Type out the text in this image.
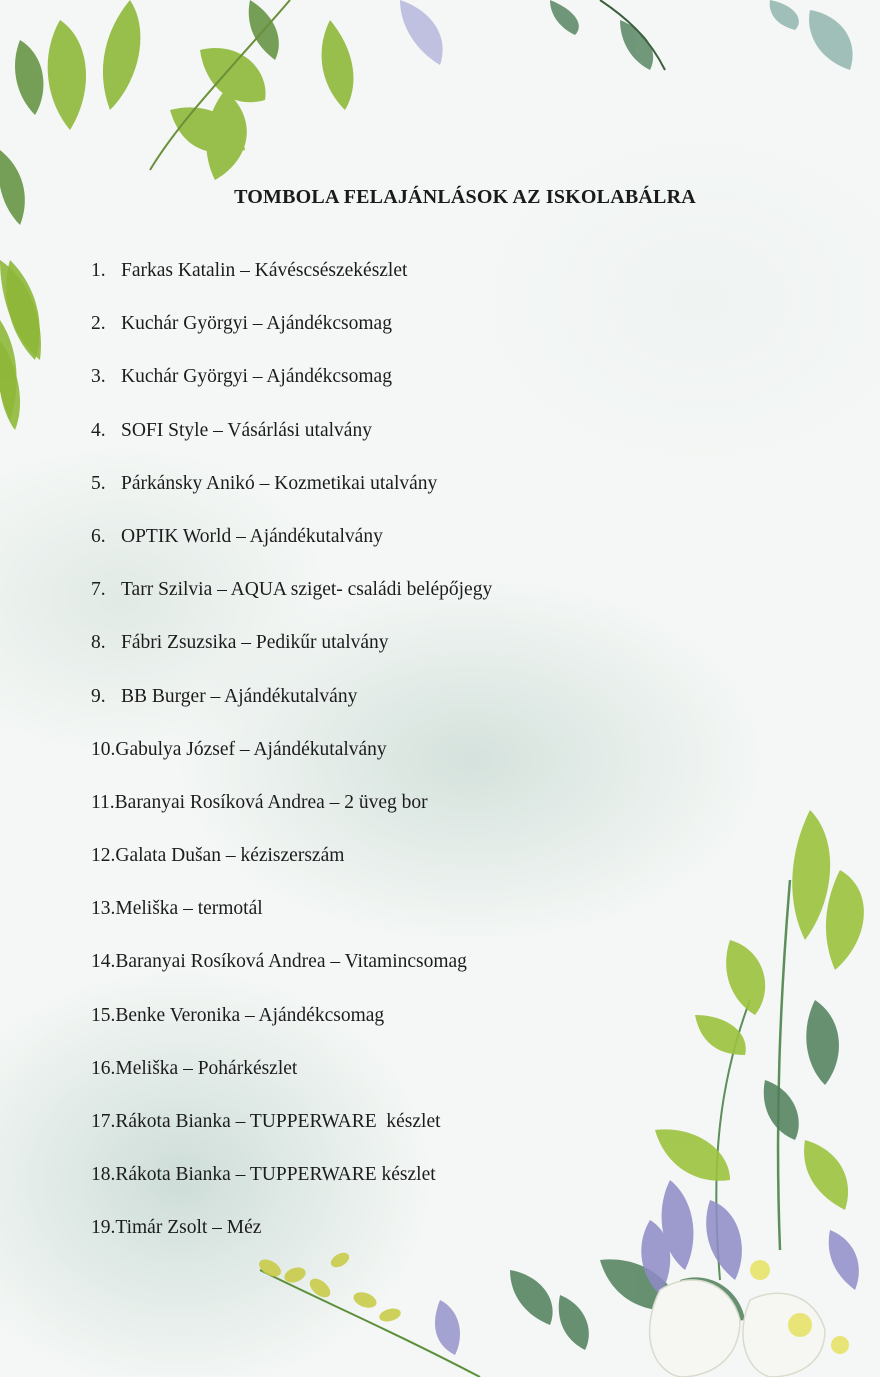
TOMBOLA FELAJÁNLÁSOK AZ ISKOLABÁLRA
1. Farkas Katalin – Kávéscsészekészlet
2. Kuchár Györgyi – Ajándékcsomag
3. Kuchár Györgyi – Ajándékcsomag
4. SOFI Style – Vásárlási utalvány
5. Párkánsky Anikó – Kozmetikai utalvány
6. OPTIK World – Ajándékutalvány
7. Tarr Szilvia – AQUA sziget- családi belépőjegy
8. Fábri Zsuzsika – Pedikűr utalvány
9. BB Burger – Ajándékutalvány
10.Gabulya József – Ajándékutalvány
11.Baranyai Rosíková Andrea – 2 üveg bor
12.Galata Dušan – kéziszerszám
13.Meliška – termotál
14.Baranyai Rosíková Andrea – Vitamincsomag
15.Benke Veronika – Ajándékcsomag
16.Meliška – Pohárkészlet
17.Rákota Bianka – TUPPERWARE  készlet
18.Rákota Bianka – TUPPERWARE készlet
19.Timár Zsolt – Méz
